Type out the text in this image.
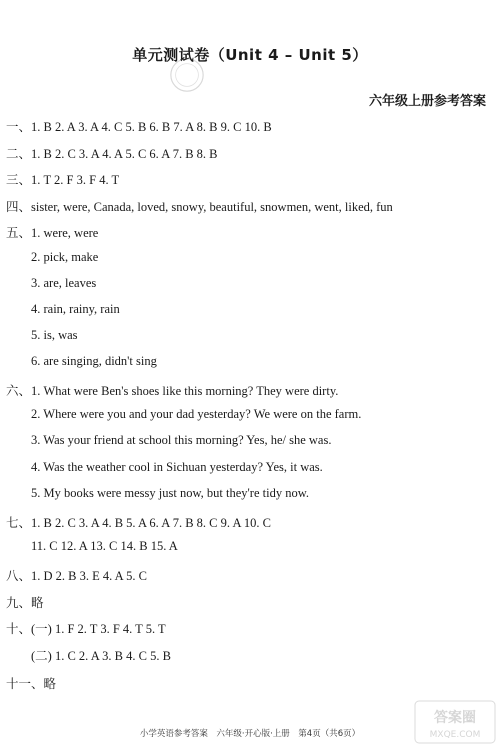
单元测试卷（Unit 4 – Unit 5）
六年级上册参考答案
一、1. B 2. A 3. A 4. C 5. B 6. B 7. A 8. B 9. C 10. B
二、1. B 2. C 3. A 4. A 5. C 6. A 7. B 8. B
三、1. T 2. F 3. F 4. T
四、sister, were, Canada, loved, snowy, beautiful, snowmen, went, liked, fun
五、1. were, were
2. pick, make
3. are, leaves
4. rain, rainy, rain
5. is, was
6. are singing, didn't sing
六、1. What were Ben's shoes like this morning? They were dirty.
2. Where were you and your dad yesterday? We were on the farm.
3. Was your friend at school this morning? Yes, he/ she was.
4. Was the weather cool in Sichuan yesterday? Yes, it was.
5. My books were messy just now, but they're tidy now.
七、1. B 2. C 3. A 4. B 5. A 6. A 7. B 8. C 9. A 10. C
11. C 12. A 13. C 14. B 15. A
八、1. D 2. B 3. E 4. A 5. C
九、略
十、(一) 1. F 2. T 3. F 4. T 5. T
(二) 1. C 2. A 3. B 4. C 5. B
十一、略
小学英语参考答案　六年级·开心版·上册　第4页（共6页）
答案圈
MXQE.COM
